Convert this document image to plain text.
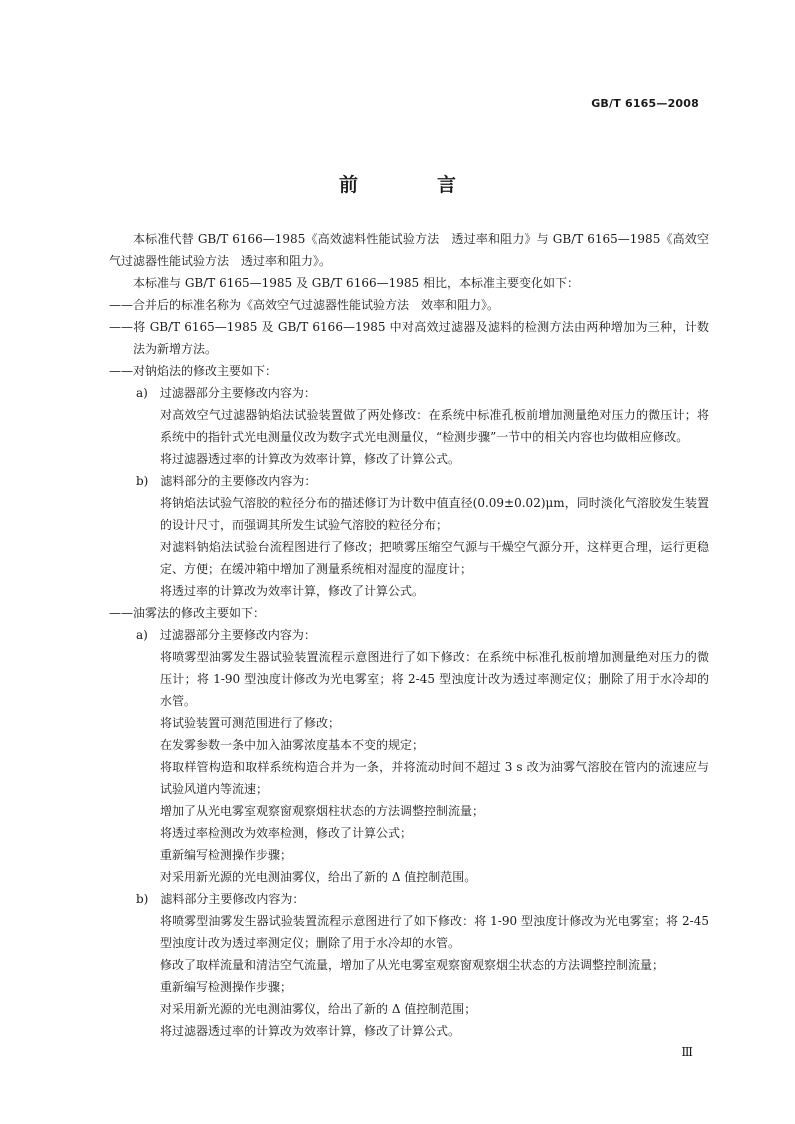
GB/T 6165—2008
前　言

本标准代替 GB/T 6166—1985《高效滤料性能试验方法　透过率和阻力》与 GB/T 6165—1985《高效空气过滤器性能试验方法　透过率和阻力》。

本标准与 GB/T 6165—1985 及 GB/T 6166—1985 相比，本标准主要变化如下：

——合并后的标准名称为《高效空气过滤器性能试验方法　效率和阻力》。

——将 GB/T 6165—1985 及 GB/T 6166—1985 中对高效过滤器及滤料的检测方法由两种增加为三种，计数法为新增方法。

——对钠焰法的修改主要如下：

a)　过滤器部分主要修改内容为：

对高效空气过滤器钠焰法试验装置做了两处修改：在系统中标准孔板前增加测量绝对压力的微压计；将系统中的指针式光电测量仪改为数字式光电测量仪，“检测步骤”一节中的相关内容也均做相应修改。

将过滤器透过率的计算改为效率计算，修改了计算公式。

b)　滤料部分的主要修改内容为：

将钠焰法试验气溶胶的粒径分布的描述修订为计数中值直径(0.09±0.02)μm，同时淡化气溶胶发生装置的设计尺寸，而强调其所发生试验气溶胶的粒径分布；

对滤料钠焰法试验台流程图进行了修改；把喷雾压缩空气源与干燥空气源分开，这样更合理，运行更稳定、方便；在缓冲箱中增加了测量系统相对湿度的湿度计；

将透过率的计算改为效率计算，修改了计算公式。

——油雾法的修改主要如下：

a)　过滤器部分主要修改内容为：

将喷雾型油雾发生器试验装置流程示意图进行了如下修改：在系统中标准孔板前增加测量绝对压力的微压计；将 1-90 型浊度计修改为光电雾室；将 2-45 型浊度计改为透过率测定仪；删除了用于水冷却的水管。

将试验装置可测范围进行了修改；

在发雾参数一条中加入油雾浓度基本不变的规定；

将取样管构造和取样系统构造合并为一条，并将流动时间不超过 3 s 改为油雾气溶胶在管内的流速应与试验风道内等流速；

增加了从光电雾室观察窗观察烟柱状态的方法调整控制流量；

将透过率检测改为效率检测，修改了计算公式；

重新编写检测操作步骤；

对采用新光源的光电测油雾仪，给出了新的 Δ 值控制范围。

b)　滤料部分主要修改内容为：

将喷雾型油雾发生器试验装置流程示意图进行了如下修改：将 1-90 型浊度计修改为光电雾室；将 2-45 型浊度计改为透过率测定仪；删除了用于水冷却的水管。

修改了取样流量和清洁空气流量，增加了从光电雾室观察窗观察烟尘状态的方法调整控制流量；

重新编写检测操作步骤；

对采用新光源的光电测油雾仪，给出了新的 Δ 值控制范围；

将过滤器透过率的计算改为效率计算，修改了计算公式。

Ⅲ
